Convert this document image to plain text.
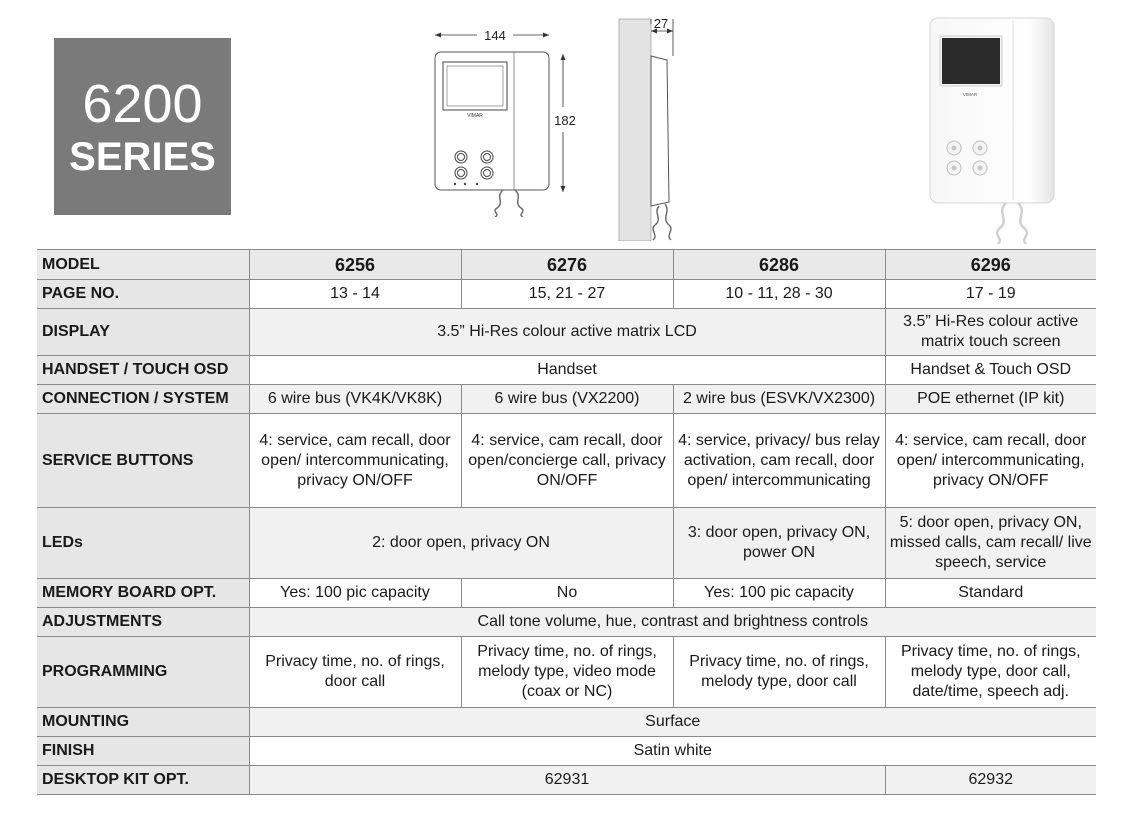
6200
SERIES
144
182
VIMAR
27
VIMAR
MODEL	6256	6276	6286	6296
PAGE NO.	13 - 14	15, 21 - 27	10 - 11, 28 - 30	17 - 19
DISPLAY	3.5” Hi-Res colour active matrix LCD			3.5” Hi-Res colour active matrix touch screen
HANDSET / TOUCH OSD	Handset			Handset & Touch OSD
CONNECTION / SYSTEM	6 wire bus (VK4K/VK8K)	6 wire bus (VX2200)	2 wire bus (ESVK/VX2300)	POE ethernet (IP kit)
SERVICE BUTTONS	4: service, cam recall, door open/ intercommunicating, privacy ON/OFF	4: service, cam recall, door open/concierge call, privacy ON/OFF	4: service, privacy/ bus relay activation, cam recall, door open/ intercommunicating	4: service, cam recall, door open/ intercommunicating, privacy ON/OFF
LEDs	2: door open, privacy ON		3: door open, privacy ON, power ON	5: door open, privacy ON, missed calls, cam recall/ live speech, service
MEMORY BOARD OPT.	Yes: 100 pic capacity	No	Yes: 100 pic capacity	Standard
ADJUSTMENTS	Call tone volume, hue, contrast and brightness controls			
PROGRAMMING	Privacy time, no. of rings, door call	Privacy time, no. of rings, melody type, video mode (coax or NC)	Privacy time, no. of rings, melody type, door call	Privacy time, no. of rings, melody type, door call, date/time, speech adj.
MOUNTING	Surface			
FINISH	Satin white			
DESKTOP KIT OPT.	62931			62932
